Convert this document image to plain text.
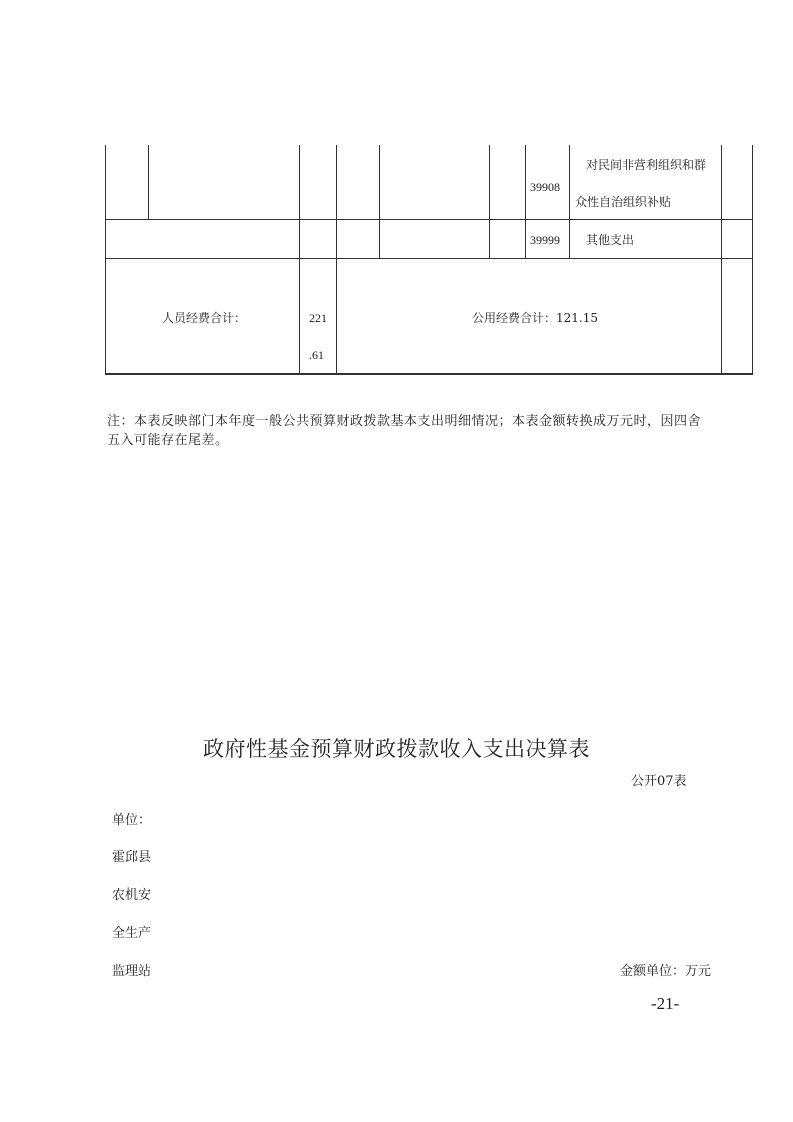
39908
对民间非营利组织和群
众性自治组织补贴
39999 其他支出
人员经费合计：	221
.61
公用经费合计：121.15
注：本表反映部门本年度一般公共预算财政拨款基本支出明细情况；本表金额转换成万元时，因四舍五入可能存在尾差。
政府性基金预算财政拨款收入支出决算表
公开07表
单位：
霍邱县
农机安
全生产
监理站	金额单位：万元
-21-
